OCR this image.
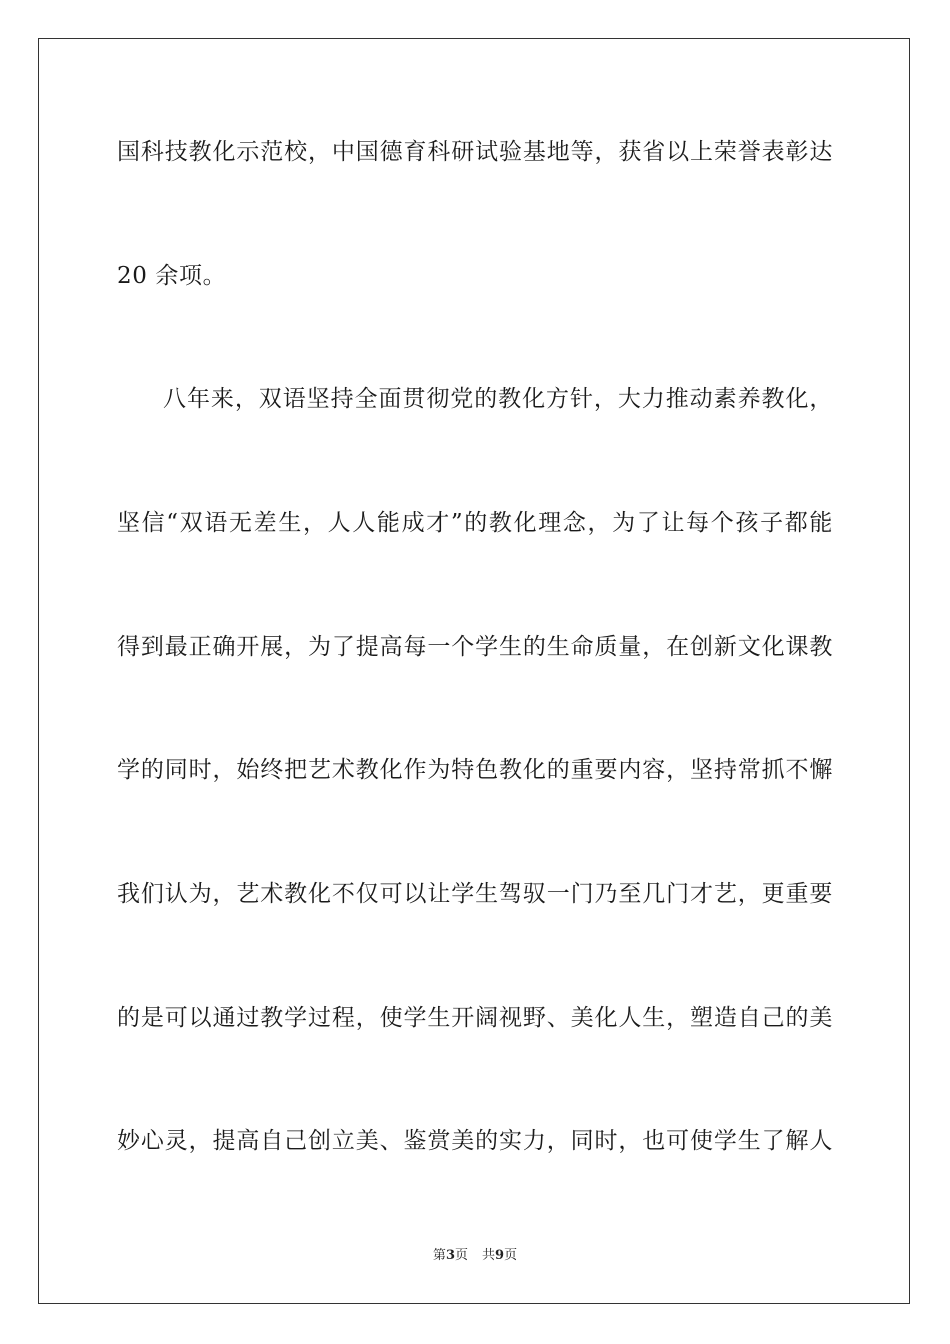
国科技教化示范校，中国德育科研试验基地等，获省以上荣誉表彰达
20 余项。
八年来，双语坚持全面贯彻党的教化方针，大力推动素养教化，
坚信“双语无差生，人人能成才”的教化理念，为了让每个孩子都能
得到最正确开展，为了提高每一个学生的生命质量，在创新文化课教
学的同时，始终把艺术教化作为特色教化的重要内容，坚持常抓不懈
我们认为，艺术教化不仅可以让学生驾驭一门乃至几门才艺，更重要
的是可以通过教学过程，使学生开阔视野、美化人生，塑造自己的美
妙心灵，提高自己创立美、鉴赏美的实力，同时，也可使学生了解人
第3页 共9页
